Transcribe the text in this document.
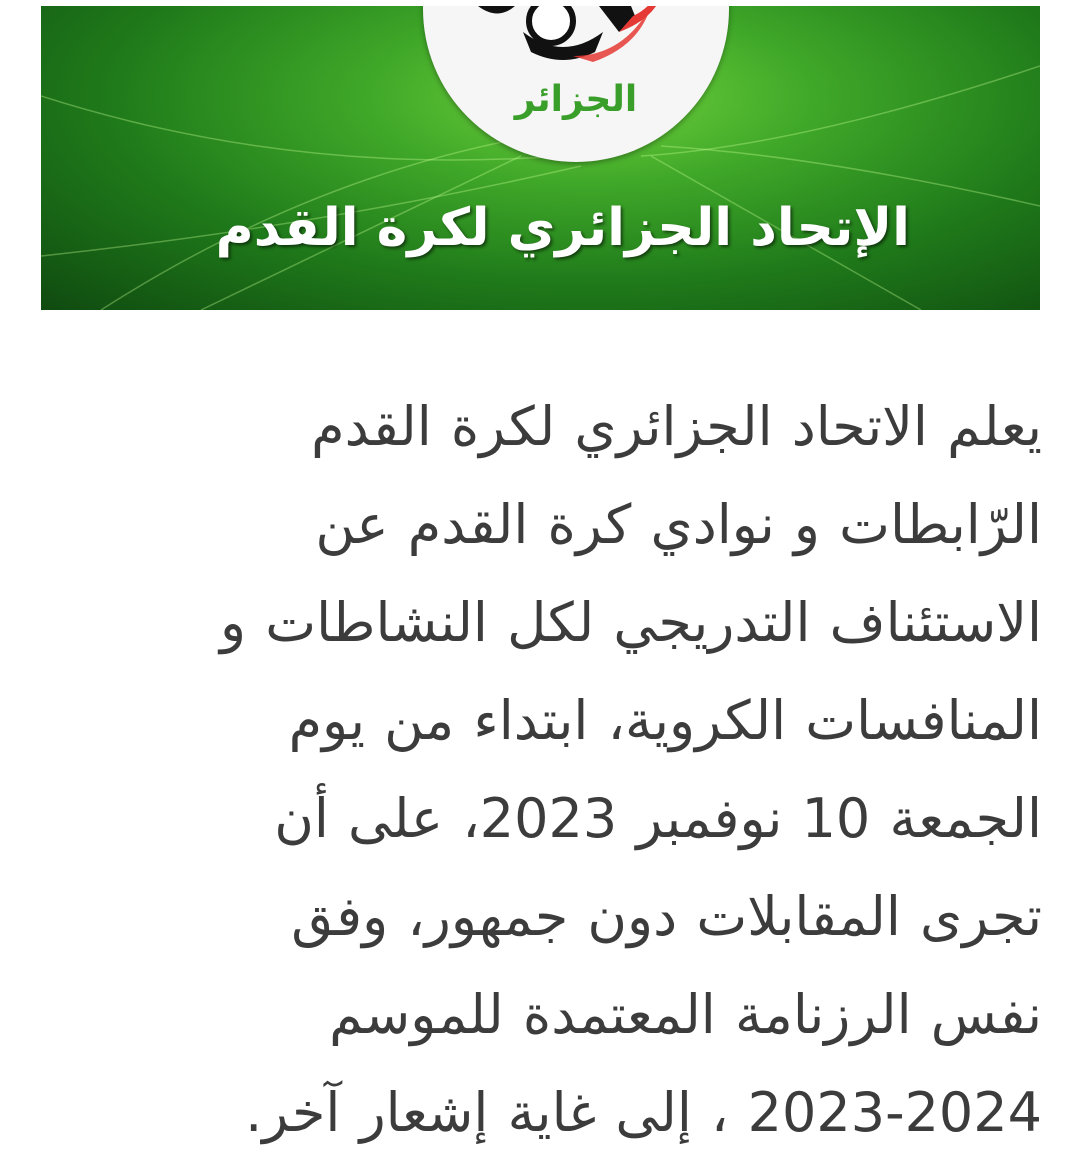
الجزائر
الإتحاد الجزائري لكرة القدم
يعلم الاتحاد الجزائري لكرة القدم
الرّابطات و نوادي كرة القدم عن
الاستئناف التدريجي لكل النشاطات و
المنافسات الكروية، ابتداء من يوم
الجمعة 10 نوفمبر 2023، على أن
تجرى المقابلات دون جمهور، وفق
نفس الرزنامة المعتمدة للموسم
2023-2024 ، إلى غاية إشعار آخر.
